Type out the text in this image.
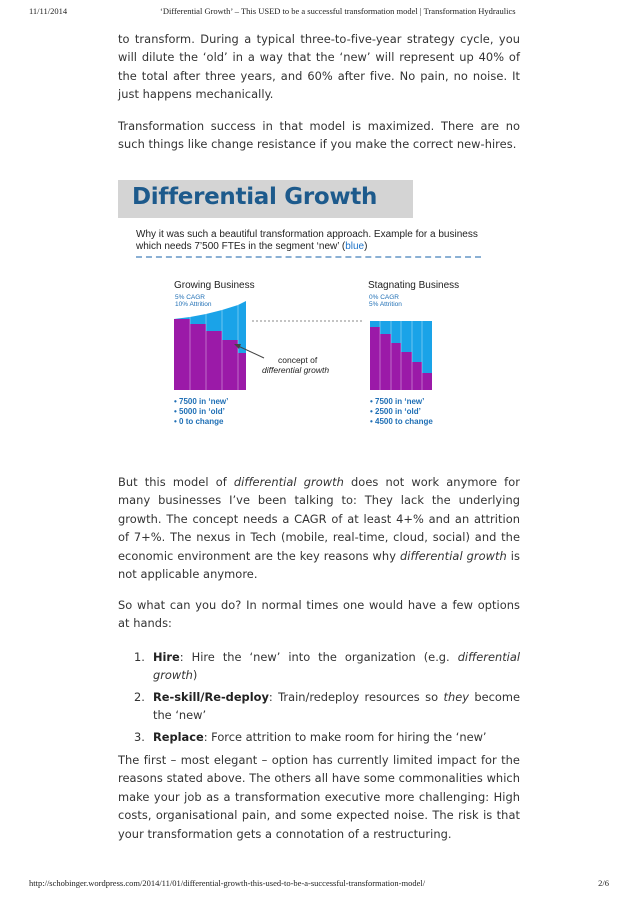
11/11/2014	‘Differential Growth’ – This USED to be a successful transformation model | Transformation Hydraulics

to transform. During a typical three-to-five-year strategy cycle, you will dilute the ‘old’ in a way that the ‘new’ will represent up 40% of the total after three years, and 60% after five. No pain, no noise. It just happens mechanically.

Transformation success in that model is maximized. There are no such things like change resistance if you make the correct new-hires.

But this model of differential growth does not work anymore for many businesses I’ve been talking to: They lack the underlying growth. The concept needs a CAGR of at least 4+% and an attrition of 7+%. The nexus in Tech (mobile, real-time, cloud, social) and the economic environment are the key reasons why differential growth is not applicable anymore.

So what can you do? In normal times one would have a few options at hands:

1. Hire: Hire the ‘new’ into the organization (e.g. differential growth)
2. Re-skill/Re-deploy: Train/redeploy resources so they become the ‘new’
3. Replace: Force attrition to make room for hiring the ‘new’

The first – most elegant – option has currently limited impact for the reasons stated above. The others all have some commonalities which make your job as a transformation executive more challenging: High costs, organisational pain, and some expected noise. The risk is that your transformation gets a connotation of a restructuring.

Differential Growth
Why it was such a beautiful transformation approach. Example for a business which needs 7’500 FTEs in the segment ‘new’ (blue)
Growing Business
5% CAGR
10% Attrition
Stagnating Business
0% CAGR
5% Attrition
concept of
differential growth
• 7500 in ‘new’
• 5000 in ‘old’
• 0 to change
• 7500 in ‘new’
• 2500 in ‘old’
• 4500 to change
http://schobinger.wordpress.com/2014/11/01/differential-growth-this-used-to-be-a-successful-transformation-model/	2/6
